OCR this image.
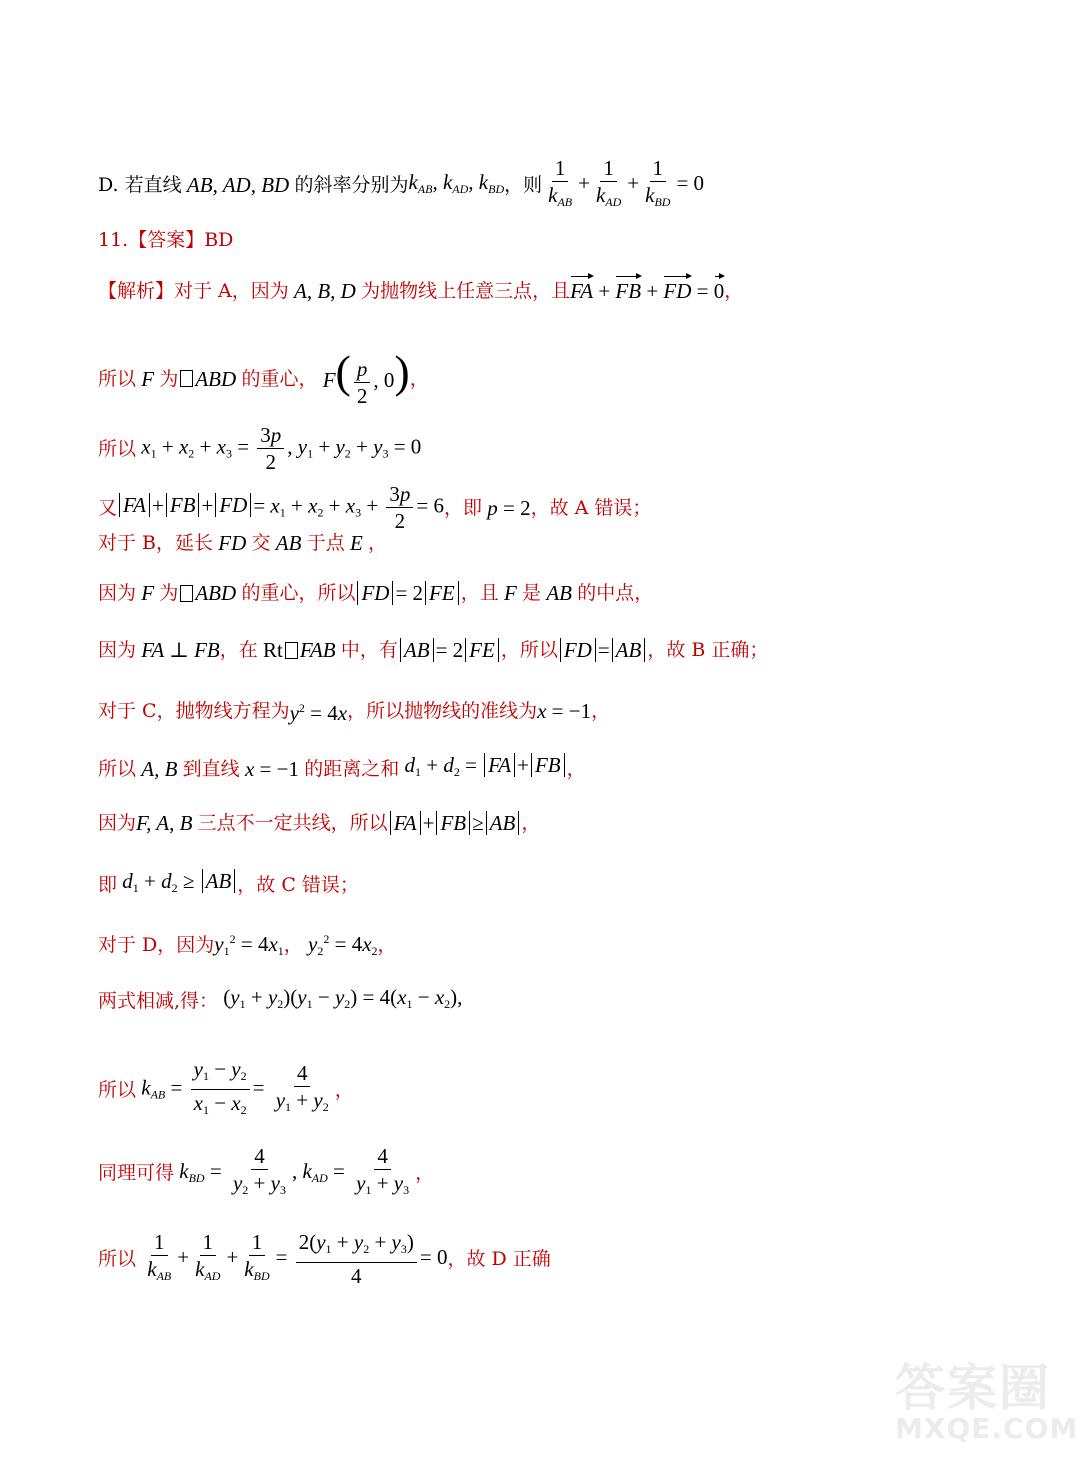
D.
若直线 AB, AD, BD 的斜率分别为 $k_{AB}$, $k_{AD}$, $k_{BD}$ ，则 $\frac{1}{k_{AB}} + \frac{1}{k_{AD}} + \frac{1}{k_{BD}} = 0$
11.【答案】 BD
【解析】 对于 A，因为 A, B, D 为抛物线上任意三点，且 FA + FB + FD = 0 ，
所以 F 为 ABD 的重心， $F( \frac{p}{2}$ , 0) ，
所以 $x_1 + x_2 + x_3 = \frac{3p}{2}$ , $y_1 + y_2 + y_3 = 0$
又 FA + FB + FD = $x_1 + x_2 + x_3 + \frac{3p}{2} = 6$ ，即 p = 2 ，故 A 错误；
对于 B，延长 FD 交 AB 于点 E ，
因为 F 为 ABD 的重心，所以 FD = 2 FE ，且 F 是 AB 的中点，
因为 FA ⊥ FB ，在 Rt FAB 中，有 AB = 2 FE ，所以 FD = AB ，故 B 正确；
对于 C，抛物线方程为 $y^2 = 4x$ ，所以抛物线的准线为 x = −1 ，
所以 A, B 到直线 x = −1 的距离之和 $d_1 + d_2$ = FA + FB ，
因为 F, A, B 三点不一定共线，所以 FA + FB ≥ AB ，
即 $d_1 + d_2$ ≥ AB ，故 C 错误；
对于 D，因为 $y_1^2 = 4x_1$ ， $y_2^2 = 4x_2$ ，
两式相减,得： $(y_1 + y_2)(y_1 - y_2) = 4(x_1 - x_2)$,
所以 $k_{AB} = \frac{y_1 - y_2}{x_1 - x_2} = \frac{4}{y_1 + y_2}$ ，
同理可得 $k_{BD} = \frac{4}{y_2 + y_3}$ , $k_{AD} = \frac{4}{y_1 + y_3}$ ，
所以
$\frac{1}{k_{AB}} + \frac{1}{k_{AD}} + \frac{1}{k_{BD}} = \frac{2(y_1 + y_2 + y_3)}{4} = 0$ ，故 D 正确
答案圈
MXQE.COM
